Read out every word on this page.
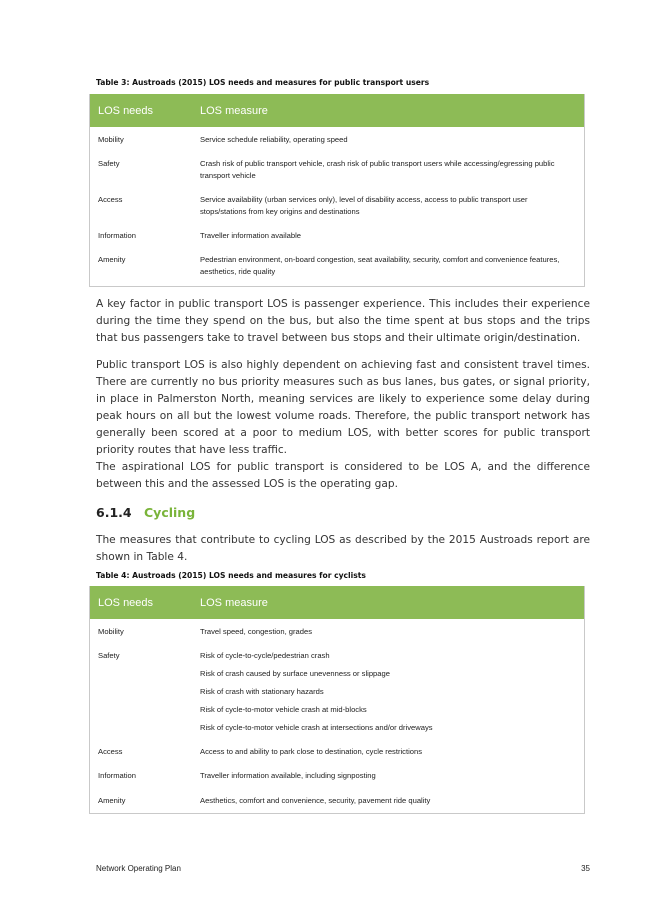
Table 3: Austroads (2015) LOS needs and measures for public transport users
LOS needs	LOS measure
Mobility	Service schedule reliability, operating speed
Safety	Crash risk of public transport vehicle, crash risk of public transport users while accessing/egressing public transport vehicle
Access	Service availability (urban services only), level of disability access, access to public transport user stops/stations from key origins and destinations
Information	Traveller information available
Amenity	Pedestrian environment, on-board congestion, seat availability, security, comfort and convenience features, aesthetics, ride quality

A key factor in public transport LOS is passenger experience. This includes their experience during the time they spend on the bus, but also the time spent at bus stops and the trips that bus passengers take to travel between bus stops and their ultimate origin/destination.

Public transport LOS is also highly dependent on achieving fast and consistent travel times. There are currently no bus priority measures such as bus lanes, bus gates, or signal priority, in place in Palmerston North, meaning services are likely to experience some delay during peak hours on all but the lowest volume roads. Therefore, the public transport network has generally been scored at a poor to medium LOS, with better scores for public transport priority routes that have less traffic.

The aspirational LOS for public transport is considered to be LOS A, and the difference between this and the assessed LOS is the operating gap.

6.1.4 Cycling

The measures that contribute to cycling LOS as described by the 2015 Austroads report are shown in Table 4.

Table 4: Austroads (2015) LOS needs and measures for cyclists
LOS needs	LOS measure
Mobility	Travel speed, congestion, grades
Safety	Risk of cycle-to-cycle/pedestrian crash
Risk of crash caused by surface unevenness or slippage
Risk of crash with stationary hazards
Risk of cycle-to-motor vehicle crash at mid-blocks
Risk of cycle-to-motor vehicle crash at intersections and/or driveways
Access	Access to and ability to park close to destination, cycle restrictions
Information	Traveller information available, including signposting
Amenity	Aesthetics, comfort and convenience, security, pavement ride quality
Network Operating Plan	35
